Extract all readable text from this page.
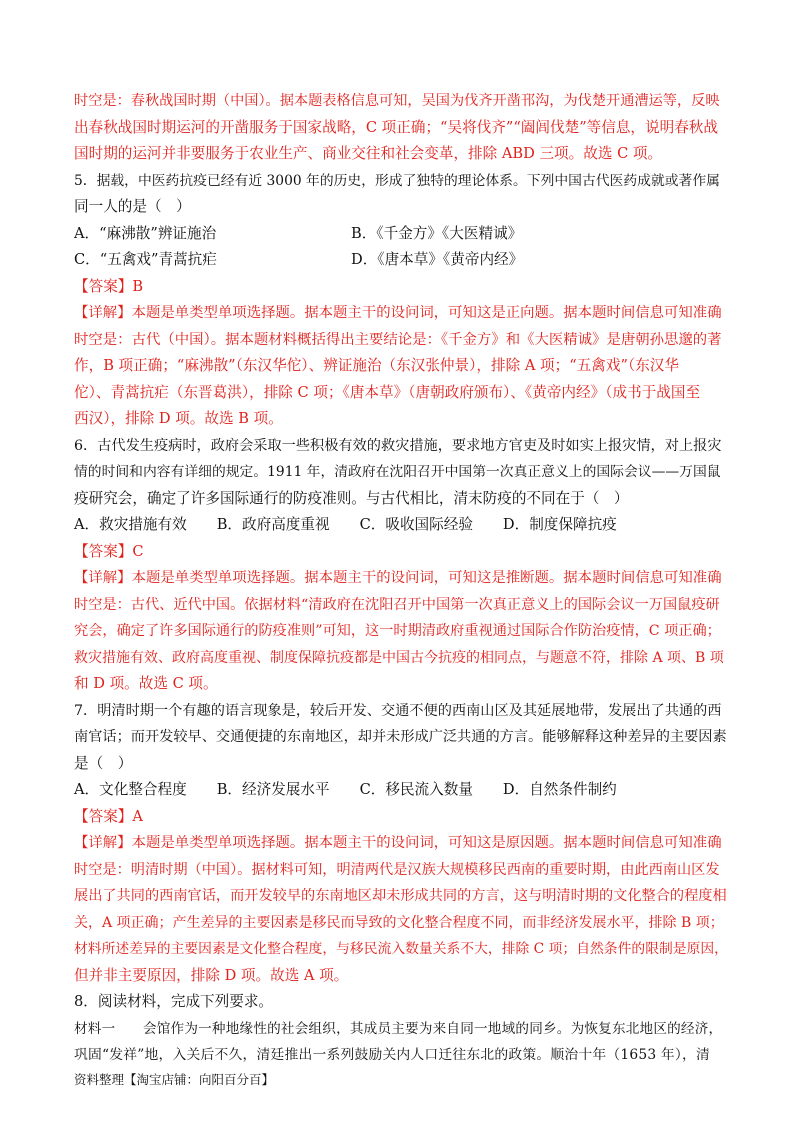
时空是：春秋战国时期（中国）。据本题表格信息可知，吴国为伐齐开凿邗沟，为伐楚开通漕运等，反映
出春秋战国时期运河的开凿服务于国家战略，C 项正确；“吴将伐齐”“阖闾伐楚”等信息，说明春秋战
国时期的运河并非要服务于农业生产、商业交往和社会变革，排除 ABD 三项。故选 C 项。
5．据载，中医药抗疫已经有近 3000 年的历史，形成了独特的理论体系。下列中国古代医药成就或著作属
同一人的是（　）
A．“麻沸散”辨证施治	B．《千金方》《大医精诚》
C．“五禽戏”青蒿抗疟	D．《唐本草》《黄帝内经》
【答案】B
【详解】本题是单类型单项选择题。据本题主干的设问词，可知这是正向题。据本题时间信息可知准确
时空是：古代（中国）。据本题材料概括得出主要结论是：《千金方》和《大医精诚》是唐朝孙思邈的著
作，B 项正确；“麻沸散”（东汉华佗）、辨证施治（东汉张仲景），排除 A 项；“五禽戏”（东汉华
佗）、青蒿抗疟（东晋葛洪），排除 C 项；《唐本草》（唐朝政府颁布）、《黄帝内经》（成书于战国至
西汉），排除 D 项。故选 B 项。
6．古代发生疫病时，政府会采取一些积极有效的救灾措施，要求地方官吏及时如实上报灾情，对上报灾
情的时间和内容有详细的规定。1911 年，清政府在沈阳召开中国第一次真正意义上的国际会议——万国鼠
疫研究会，确定了许多国际通行的防疫准则。与古代相比，清末防疫的不同在于（　）
A．救灾措施有效 B．政府高度重视 C．吸收国际经验 D．制度保障抗疫
【答案】C
【详解】本题是单类型单项选择题。据本题主干的设问词，可知这是推断题。据本题时间信息可知准确
时空是：古代、近代中国。依据材料“清政府在沈阳召开中国第一次真正意义上的国际会议一万国鼠疫研
究会，确定了许多国际通行的防疫准则”可知，这一时期清政府重视通过国际合作防治疫情，C 项正确；
救灾措施有效、政府高度重视、制度保障抗疫都是中国古今抗疫的相同点，与题意不符，排除 A 项、B 项
和 D 项。故选 C 项。
7．明清时期一个有趣的语言现象是，较后开发、交通不便的西南山区及其延展地带，发展出了共通的西
南官话；而开发较早、交通便捷的东南地区，却并未形成广泛共通的方言。能够解释这种差异的主要因素
是（　）
A．文化整合程度 B．经济发展水平 C．移民流入数量 D．自然条件制约
【答案】A
【详解】本题是单类型单项选择题。据本题主干的设问词，可知这是原因题。据本题时间信息可知准确
时空是：明清时期（中国）。据材料可知，明清两代是汉族大规模移民西南的重要时期，由此西南山区发
展出了共同的西南官话，而开发较早的东南地区却未形成共同的方言，这与明清时期的文化整合的程度相
关，A 项正确；产生差异的主要因素是移民而导致的文化整合程度不同，而非经济发展水平，排除 B 项；
材料所述差异的主要因素是文化整合程度，与移民流入数量关系不大，排除 C 项；自然条件的限制是原因，
但并非主要原因，排除 D 项。故选 A 项。
8．阅读材料，完成下列要求。
材料一　　会馆作为一种地缘性的社会组织，其成员主要为来自同一地域的同乡。为恢复东北地区的经济，
巩固“发祥”地，入关后不久，清廷推出一系列鼓励关内人口迁往东北的政策。顺治十年（1653 年），清
资料整理【淘宝店铺：向阳百分百】
